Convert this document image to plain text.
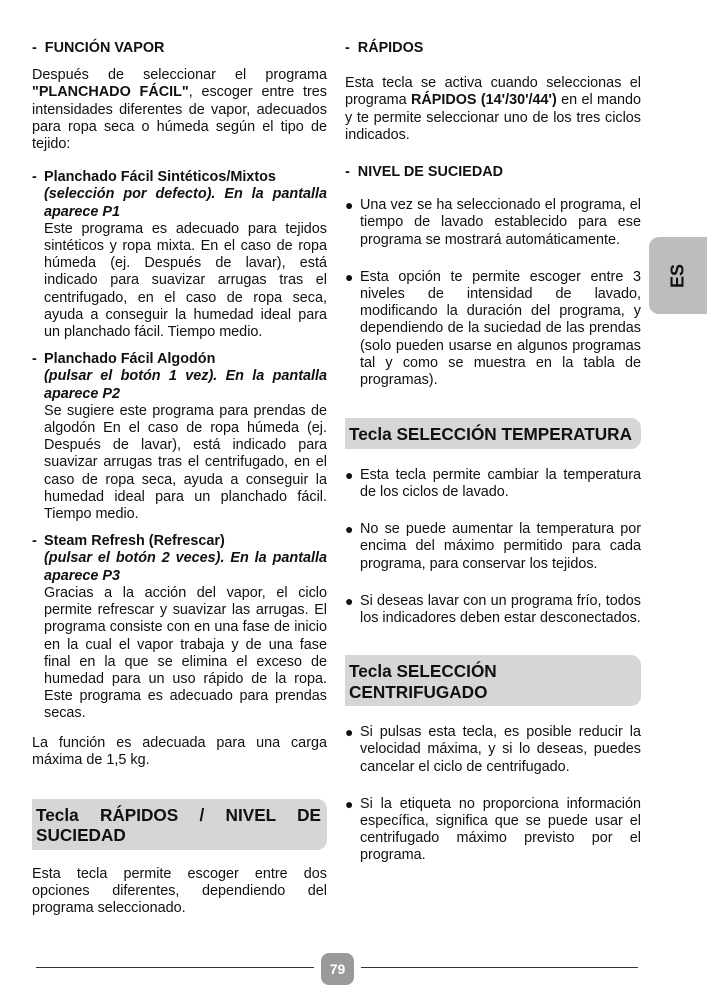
- FUNCIÓN VAPOR

Después de seleccionar el programa "PLANCHADO FÁCIL", escoger entre tres intensidades diferentes de vapor, adecuados para ropa seca o húmeda según el tipo de tejido:

- Planchado Fácil Sintéticos/Mixtos
(selección por defecto). En la pantalla aparece P1
Este programa es adecuado para tejidos sintéticos y ropa mixta. En el caso de ropa húmeda (ej. Después de lavar), está indicado para suavizar arrugas tras el centrifugado, en el caso de ropa seca, ayuda a conseguir la humedad ideal para un planchado fácil. Tiempo medio.
- Planchado Fácil Algodón
(pulsar el botón 1 vez). En la pantalla aparece P2
Se sugiere este programa para prendas de algodón En el caso de ropa húmeda (ej. Después de lavar), está indicado para suavizar arrugas tras el centrifugado, en el caso de ropa seca, ayuda a conseguir la humedad ideal para un planchado fácil. Tiempo medio.
- Steam Refresh (Refrescar)
(pulsar el botón 2 veces). En la pantalla aparece P3
Gracias a la acción del vapor, el ciclo permite refrescar y suavizar las arrugas. El programa consiste con en una fase de inicio en la cual el vapor trabaja y de una fase final en la que se elimina el exceso de humedad para un uso rápido de la ropa. Este programa es adecuado para prendas secas.

La función es adecuada para una carga máxima de 1,5 kg.

Tecla RÁPIDOS / NIVEL DE SUCIEDAD

Esta tecla permite escoger entre dos opciones diferentes, dependiendo del programa seleccionado.

- RÁPIDOS

Esta tecla se activa cuando seleccionas el programa RÁPIDOS (14'/30'/44') en el mando y te permite seleccionar uno de los tres ciclos indicados.

- NIVEL DE SUCIEDAD

● Una vez se ha seleccionado el programa, el tiempo de lavado establecido para ese programa se mostrará automáticamente.
● Esta opción te permite escoger entre 3 niveles de intensidad de lavado, modificando la duración del programa, y dependiendo de la suciedad de las prendas (solo pueden usarse en algunos programas tal y como se muestra en la tabla de programas).
Tecla SELECCIÓN TEMPERATURA
● Esta tecla permite cambiar la temperatura de los ciclos de lavado.
● No se puede aumentar la temperatura por encima del máximo permitido para cada programa, para conservar los tejidos.
● Si deseas lavar con un programa frío, todos los indicadores deben estar desconectados.
Tecla SELECCIÓN CENTRIFUGADO
● Si pulsas esta tecla, es posible reducir la velocidad máxima, y si lo deseas, puedes cancelar el ciclo de centrifugado.
● Si la etiqueta no proporciona información específica, significa que se puede usar el centrifugado máximo previsto por el programa.
ES
79
